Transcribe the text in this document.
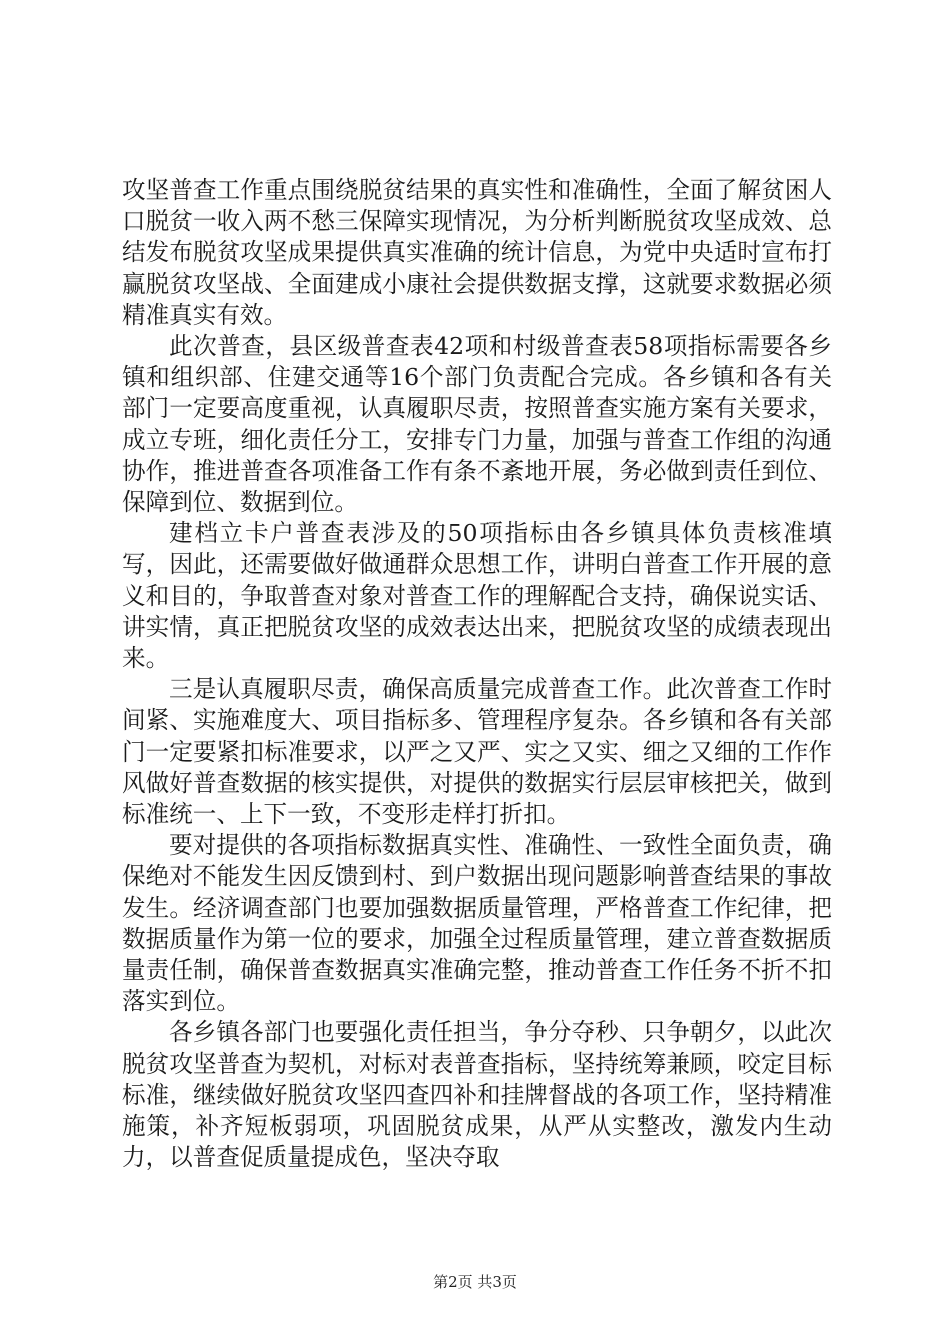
攻坚普查工作重点围绕脱贫结果的真实性和准确性，全面了解贫困人口脱贫一收入两不愁三保障实现情况，为分析判断脱贫攻坚成效、总结发布脱贫攻坚成果提供真实准确的统计信息，为党中央适时宣布打赢脱贫攻坚战、全面建成小康社会提供数据支撑，这就要求数据必须精准真实有效。

此次普查，县区级普查表42项和村级普查表58项指标需要各乡镇和组织部、住建交通等16个部门负责配合完成。各乡镇和各有关部门一定要高度重视，认真履职尽责，按照普查实施方案有关要求，成立专班，细化责任分工，安排专门力量，加强与普查工作组的沟通协作，推进普查各项准备工作有条不紊地开展，务必做到责任到位、保障到位、数据到位。

建档立卡户普查表涉及的50项指标由各乡镇具体负责核准填写，因此，还需要做好做通群众思想工作，讲明白普查工作开展的意义和目的，争取普查对象对普查工作的理解配合支持，确保说实话、讲实情，真正把脱贫攻坚的成效表达出来，把脱贫攻坚的成绩表现出来。

三是认真履职尽责，确保高质量完成普查工作。此次普查工作时间紧、实施难度大、项目指标多、管理程序复杂。各乡镇和各有关部门一定要紧扣标准要求，以严之又严、实之又实、细之又细的工作作风做好普查数据的核实提供，对提供的数据实行层层审核把关，做到标准统一、上下一致，不变形走样打折扣。

要对提供的各项指标数据真实性、准确性、一致性全面负责，确保绝对不能发生因反馈到村、到户数据出现问题影响普查结果的事故发生。经济调查部门也要加强数据质量管理，严格普查工作纪律，把数据质量作为第一位的要求，加强全过程质量管理，建立普查数据质量责任制，确保普查数据真实准确完整，推动普查工作任务不折不扣落实到位。

各乡镇各部门也要强化责任担当，争分夺秒、只争朝夕，以此次脱贫攻坚普查为契机，对标对表普查指标，坚持统筹兼顾，咬定目标标准，继续做好脱贫攻坚四查四补和挂牌督战的各项工作，坚持精准施策，补齐短板弱项，巩固脱贫成果，从严从实整改，激发内生动力，以普查促质量提成色，坚决夺取

第2页 共3页
